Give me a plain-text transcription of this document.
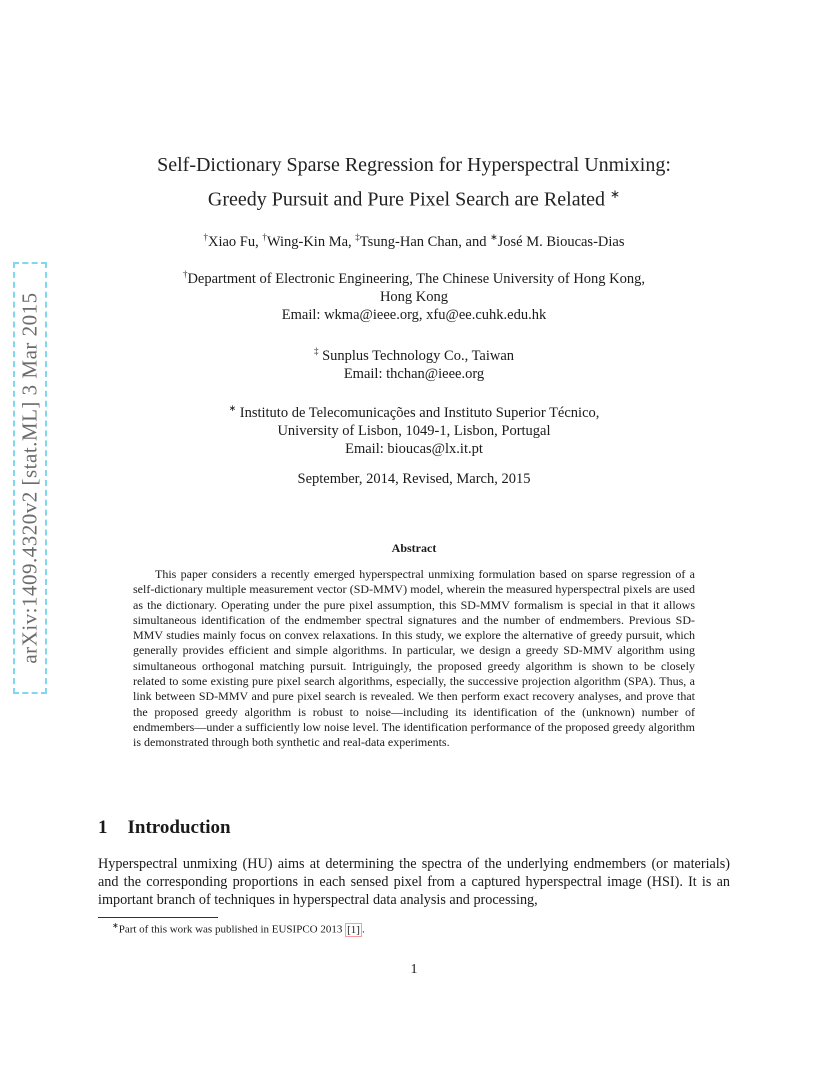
arXiv:1409.4320v2 [stat.ML] 3 Mar 2015
Self-Dictionary Sparse Regression for Hyperspectral Unmixing:
Greedy Pursuit and Pure Pixel Search are Related ∗
†Xiao Fu, †Wing-Kin Ma, ‡Tsung-Han Chan, and ∗José M. Bioucas-Dias
†Department of Electronic Engineering, The Chinese University of Hong Kong,
Hong Kong
Email: wkma@ieee.org, xfu@ee.cuhk.edu.hk
‡ Sunplus Technology Co., Taiwan
Email: thchan@ieee.org
∗ Instituto de Telecomunicações and Instituto Superior Técnico,
University of Lisbon, 1049-1, Lisbon, Portugal
Email: bioucas@lx.it.pt
September, 2014, Revised, March, 2015
Abstract
This paper considers a recently emerged hyperspectral unmixing formulation based on sparse regression of a self-dictionary multiple measurement vector (SD-MMV) model, wherein the measured hyperspectral pixels are used as the dictionary. Operating under the pure pixel assumption, this SD-MMV formalism is special in that it allows simultaneous identification of the endmember spectral signatures and the number of endmembers. Previous SD-MMV studies mainly focus on convex relaxations. In this study, we explore the alternative of greedy pursuit, which generally provides efficient and simple algorithms. In particular, we design a greedy SD-MMV algorithm using simultaneous orthogonal matching pursuit. Intriguingly, the proposed greedy algorithm is shown to be closely related to some existing pure pixel search algorithms, especially, the successive projection algorithm (SPA). Thus, a link between SD-MMV and pure pixel search is revealed. We then perform exact recovery analyses, and prove that the proposed greedy algorithm is robust to noise—including its identification of the (unknown) number of endmembers—under a sufficiently low noise level. The identification performance of the proposed greedy algorithm is demonstrated through both synthetic and real-data experiments.
1 Introduction
Hyperspectral unmixing (HU) aims at determining the spectra of the underlying endmembers (or materials) and the corresponding proportions in each sensed pixel from a captured hyperspectral image (HSI). It is an important branch of techniques in hyperspectral data analysis and processing,
∗Part of this work was published in EUSIPCO 2013 [1] .
1
